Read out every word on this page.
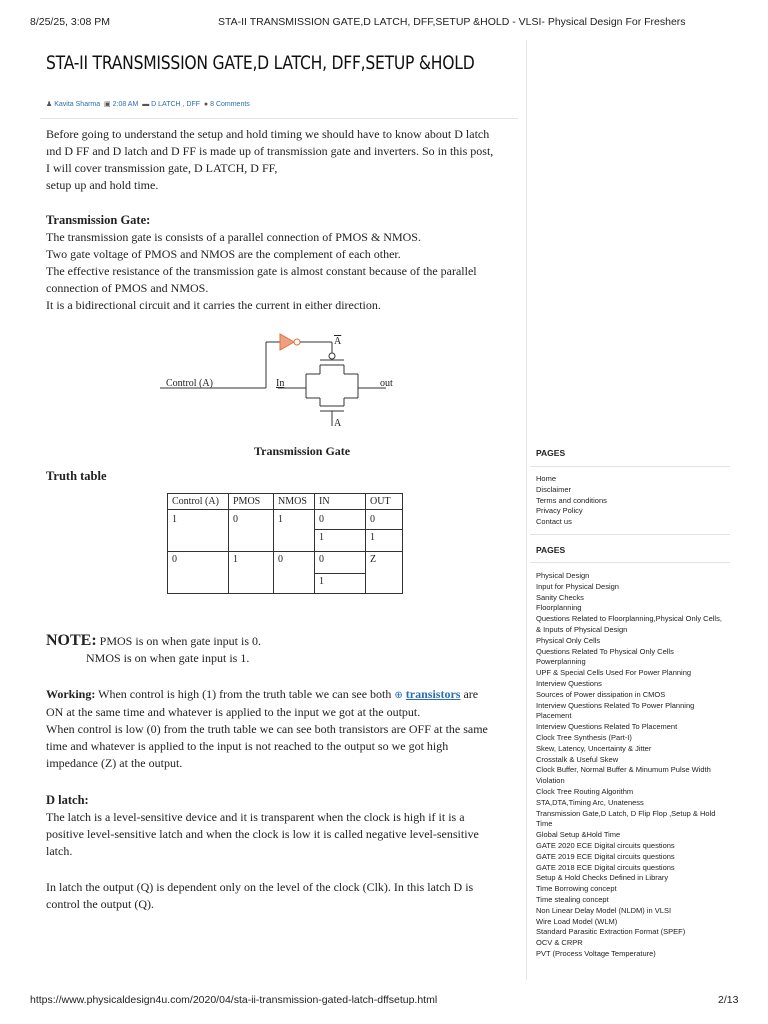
8/25/25, 3:08 PM	STA-II TRANSMISSION GATE,D LATCH, DFF,SETUP &HOLD - VLSI- Physical Design For Freshers
STA-II TRANSMISSION GATE,D LATCH, DFF,SETUP &HOLD
♟ Kavita Sharma ▣ 2:08 AM ▬ D LATCH , DFF ● 8 Comments
Before going to understand the setup and hold timing we should have to know about D latch
ınd D FF and D latch and D FF is made up of transmission gate and inverters. So in this post,
I will cover transmission gate, D LATCH, D FF,
setup up and hold time.
Transmission Gate:
The transmission gate is consists of a parallel connection of PMOS & NMOS.
Two gate voltage of PMOS and NMOS are the complement of each other.
The effective resistance of the transmission gate is almost constant because of the parallel
connection of PMOS and NMOS.
It is a bidirectional circuit and it carries the current in either direction.
Control (A)	In	out
$\overline{A}$
A
Transmission Gate
Truth table
Control (A)	PMOS	NMOS	IN	OUT
1	0	1	0	0
			1	1
0	1	0	0	Z
			1	
NOTE: PMOS is on when gate input is 0.
NMOS is on when gate input is 1.
Working: When control is high (1) from the truth table we can see both ⊕ transistors are
ON at the same time and whatever is applied to the input we got at the output.
When control is low (0) from the truth table we can see both transistors are OFF at the same
time and whatever is applied to the input is not reached to the output so we got high
impedance (Z) at the output.
D latch:
The latch is a level-sensitive device and it is transparent when the clock is high if it is a
positive level-sensitive latch and when the clock is low it is called negative level-sensitive
latch.
In latch the output (Q) is dependent only on the level of the clock (Clk). In this latch D is
control the output (Q).
PAGES
Home
Disclaimer
Terms and conditions
Privacy Policy
Contact us
PAGES
Physical Design
Input for Physical Design
Sanity Checks
Floorplanning
Questions Related to Floorplanning,Physical Only Cells, & Inputs of Physical Design
Physical Only Cells
Questions Related To Physical Only Cells
Powerplanning
UPF & Special Cells Used For Power Planning
Interview Questions
Sources of Power dissipation in CMOS
Interview Questions Related To Power Planning Placement
Interview Questions Related To Placement
Clock Tree Synthesis (Part-I)
Skew, Latency, Uncertainty & Jitter
Crosstalk & Useful Skew
Clock Buffer, Normal Buffer & Minumum Pulse Width Violation
Clock Tree Routing Algorithm
STA,DTA,Timing Arc, Unateness
Transmission Gate,D Latch, D Flip Flop ,Setup & Hold Time
Global Setup &Hold Time
GATE 2020 ECE Digital circuits questions
GATE 2019 ECE Digital circuits questions
GATE 2018 ECE Digital circuits questions
Setup & Hold Checks Defined in Library
Time Borrowing concept
Time stealing concept
Non Linear Delay Model (NLDM) in VLSI
Wire Load Model (WLM)
Standard Parasitic Extraction Format (SPEF)
OCV & CRPR
PVT (Process Voltage Temperature)
https://www.physicaldesign4u.com/2020/04/sta-ii-transmission-gated-latch-dffsetup.html	2/13
